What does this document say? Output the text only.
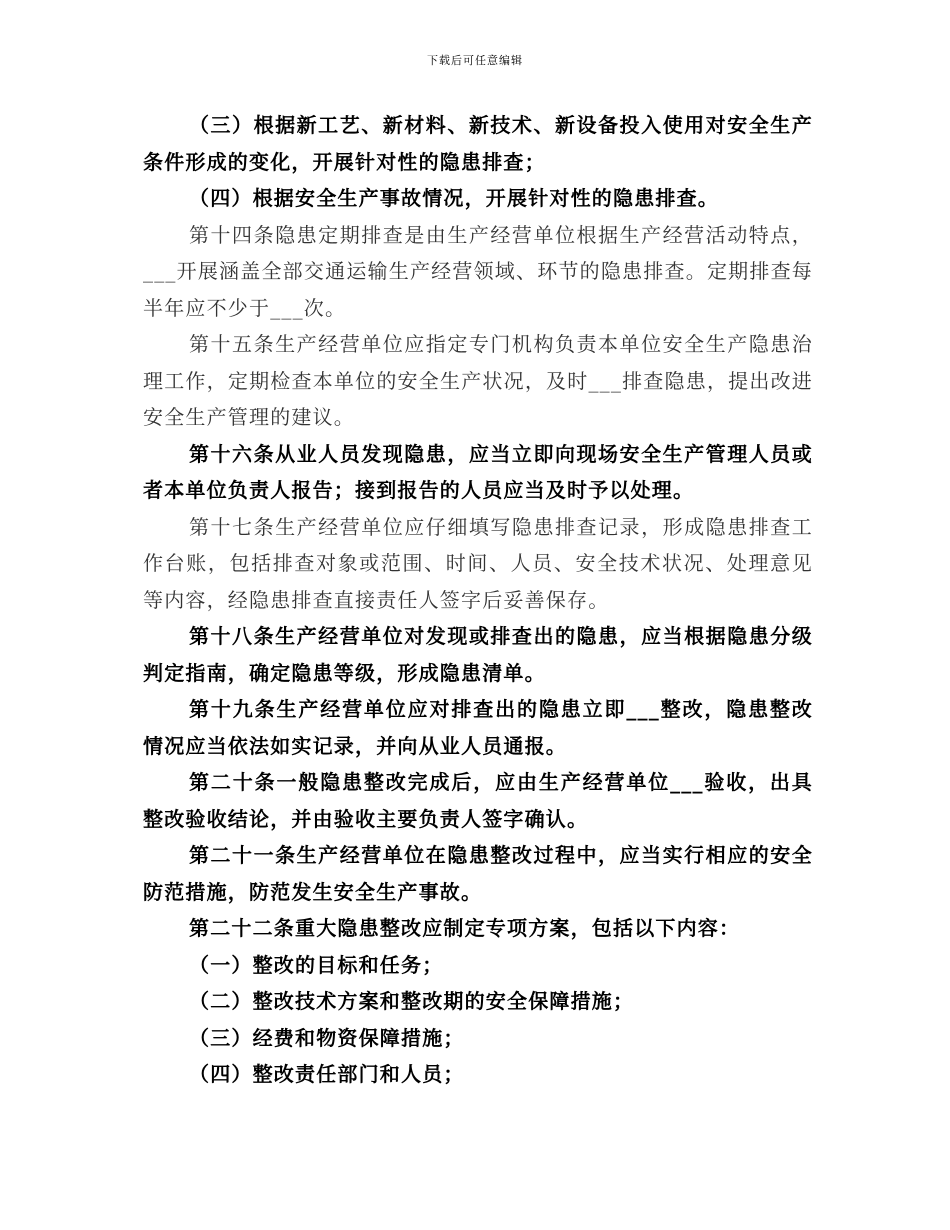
下载后可任意编辑

（三）根据新工艺、新材料、新技术、新设备投入使用对安全生产条件形成的变化，开展针对性的隐患排查；

（四）根据安全生产事故情况，开展针对性的隐患排查。

第十四条隐患定期排查是由生产经营单位根据生产经营活动特点，___开展涵盖全部交通运输生产经营领域、环节的隐患排查。定期排查每半年应不少于___次。

第十五条生产经营单位应指定专门机构负责本单位安全生产隐患治理工作，定期检查本单位的安全生产状况，及时___排查隐患，提出改进安全生产管理的建议。

第十六条从业人员发现隐患，应当立即向现场安全生产管理人员或者本单位负责人报告；接到报告的人员应当及时予以处理。

第十七条生产经营单位应仔细填写隐患排查记录，形成隐患排查工作台账，包括排查对象或范围、时间、人员、安全技术状况、处理意见等内容，经隐患排查直接责任人签字后妥善保存。

第十八条生产经营单位对发现或排查出的隐患，应当根据隐患分级判定指南，确定隐患等级，形成隐患清单。

第十九条生产经营单位应对排查出的隐患立即___整改，隐患整改情况应当依法如实记录，并向从业人员通报。

第二十条一般隐患整改完成后，应由生产经营单位___验收，出具整改验收结论，并由验收主要负责人签字确认。

第二十一条生产经营单位在隐患整改过程中，应当实行相应的安全防范措施，防范发生安全生产事故。

第二十二条重大隐患整改应制定专项方案，包括以下内容：

（一）整改的目标和任务；

（二）整改技术方案和整改期的安全保障措施；

（三）经费和物资保障措施；

（四）整改责任部门和人员；
